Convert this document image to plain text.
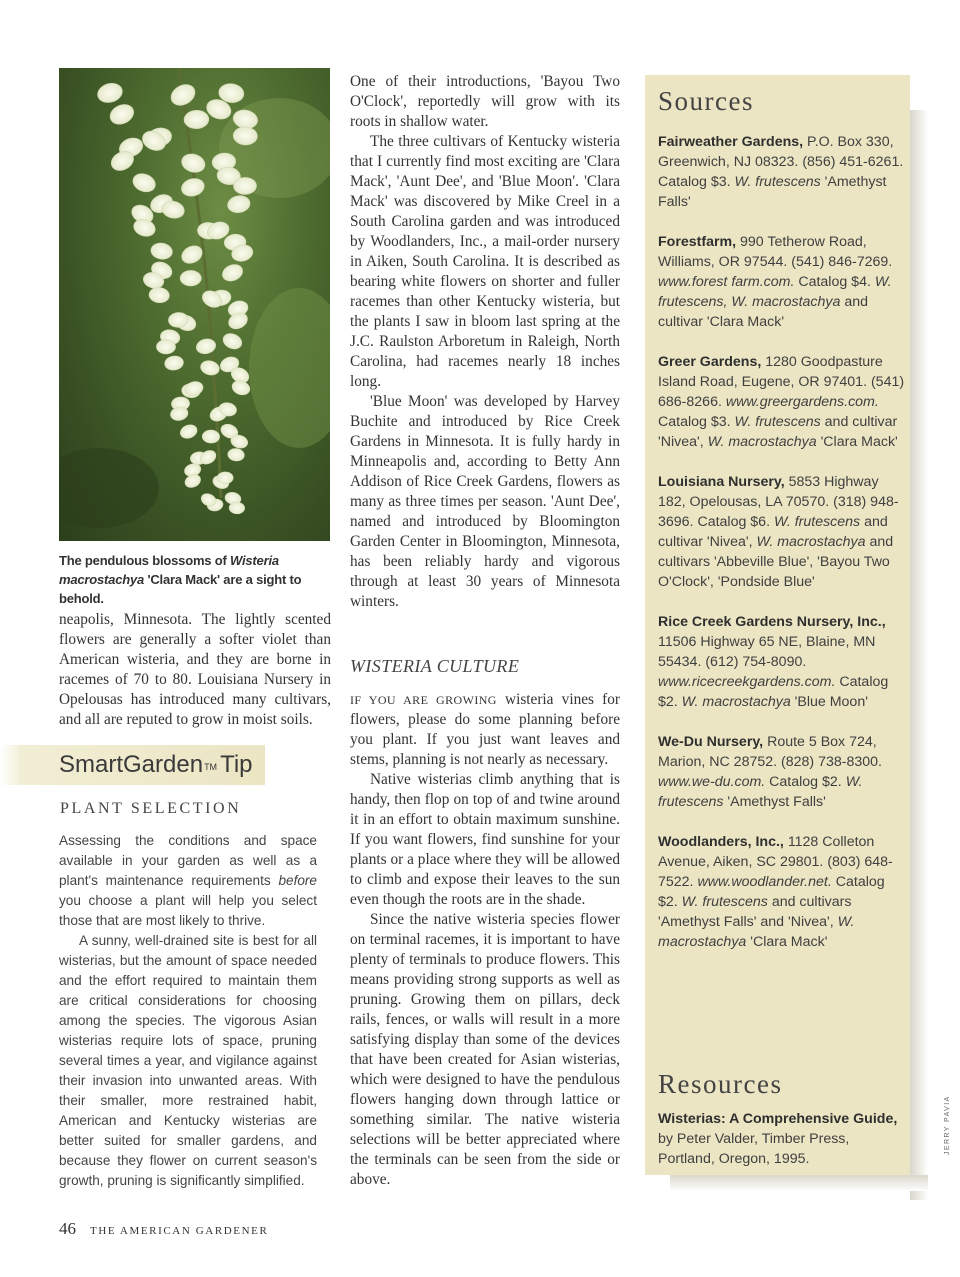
The pendulous blossoms of Wisteria macrostachya 'Clara Mack' are a sight to behold.

neapolis, Minnesota. The lightly scented flowers are generally a softer violet than American wisteria, and they are borne in racemes of 70 to 80. Louisiana Nursery in Opelousas has introduced many cultivars, and all are reputed to grow in moist soils.

SmartGarden™ Tip
PLANT SELECTION

Assessing the conditions and space available in your garden as well as a plant's maintenance requirements before you choose a plant will help you select those that are most likely to thrive.

A sunny, well-drained site is best for all wisterias, but the amount of space needed and the effort required to maintain them are critical considerations for choosing among the species. The vigorous Asian wisterias require lots of space, pruning several times a year, and vigilance against their invasion into unwanted areas. With their smaller, more restrained habit, American and Kentucky wisterias are better suited for smaller gardens, and because they flower on current season's growth, pruning is significantly simplified.

One of their introductions, 'Bayou Two O'Clock', reportedly will grow with its roots in shallow water.

The three cultivars of Kentucky wisteria that I currently find most exciting are 'Clara Mack', 'Aunt Dee', and 'Blue Moon'. 'Clara Mack' was discovered by Mike Creel in a South Carolina garden and was introduced by Woodlanders, Inc., a mail-order nursery in Aiken, South Carolina. It is described as bearing white flowers on shorter and fuller racemes than other Kentucky wisteria, but the plants I saw in bloom last spring at the J.C. Raulston Arboretum in Raleigh, North Carolina, had racemes nearly 18 inches long.

'Blue Moon' was developed by Harvey Buchite and introduced by Rice Creek Gardens in Minnesota. It is fully hardy in Minneapolis and, according to Betty Ann Addison of Rice Creek Gardens, flowers as many as three times per season. 'Aunt Dee', named and introduced by Bloomington Garden Center in Bloomington, Minnesota, has been reliably hardy and vigorous through at least 30 years of Minnesota winters.

WISTERIA CULTURE

IF YOU ARE GROWING wisteria vines for flowers, please do some planning before you plant. If you just want leaves and stems, planning is not nearly as necessary.

Native wisterias climb anything that is handy, then flop on top of and twine around it in an effort to obtain maximum sunshine. If you want flowers, find sunshine for your plants or a place where they will be allowed to climb and expose their leaves to the sun even though the roots are in the shade.

Since the native wisteria species flower on terminal racemes, it is important to have plenty of terminals to produce flowers. This means providing strong supports as well as pruning. Growing them on pillars, deck rails, fences, or walls will result in a more satisfying display than some of the devices that have been created for Asian wisterias, which were designed to have the pendulous flowers hanging down through lattice or something similar. The native wisteria selections will be better appreciated where the terminals can be seen from the side or above.

Sources
Fairweather Gardens, P.O. Box 330, Greenwich, NJ 08323. (856) 451-6261. Catalog $3. W. frutescens 'Amethyst Falls'
Forestfarm, 990 Tetherow Road, Williams, OR 97544. (541) 846-7269. www.forest farm.com. Catalog $4. W. frutescens, W. macrostachya and cultivar 'Clara Mack'
Greer Gardens, 1280 Goodpasture Island Road, Eugene, OR 97401. (541) 686-8266. www.greergardens.com. Catalog $3. W. frutescens and cultivar 'Nivea', W. macrostachya 'Clara Mack'
Louisiana Nursery, 5853 Highway 182, Opelousas, LA 70570. (318) 948-3696. Catalog $6. W. frutescens and cultivar 'Nivea', W. macrostachya and cultivars 'Abbeville Blue', 'Bayou Two O'Clock', 'Pondside Blue'
Rice Creek Gardens Nursery, Inc., 11506 Highway 65 NE, Blaine, MN 55434. (612) 754-8090. www.ricecreekgardens.com. Catalog $2. W. macrostachya 'Blue Moon'
We-Du Nursery, Route 5 Box 724, Marion, NC 28752. (828) 738-8300. www.we-du.com. Catalog $2. W. frutescens 'Amethyst Falls'
Woodlanders, Inc., 1128 Colleton Avenue, Aiken, SC 29801. (803) 648-7522. www.woodlander.net. Catalog $2. W. frutescens and cultivars 'Amethyst Falls' and 'Nivea', W. macrostachya 'Clara Mack'
Resources
Wisterias: A Comprehensive Guide, by Peter Valder, Timber Press, Portland, Oregon, 1995.
JERRY PAVIA
46 THE AMERICAN GARDENER
